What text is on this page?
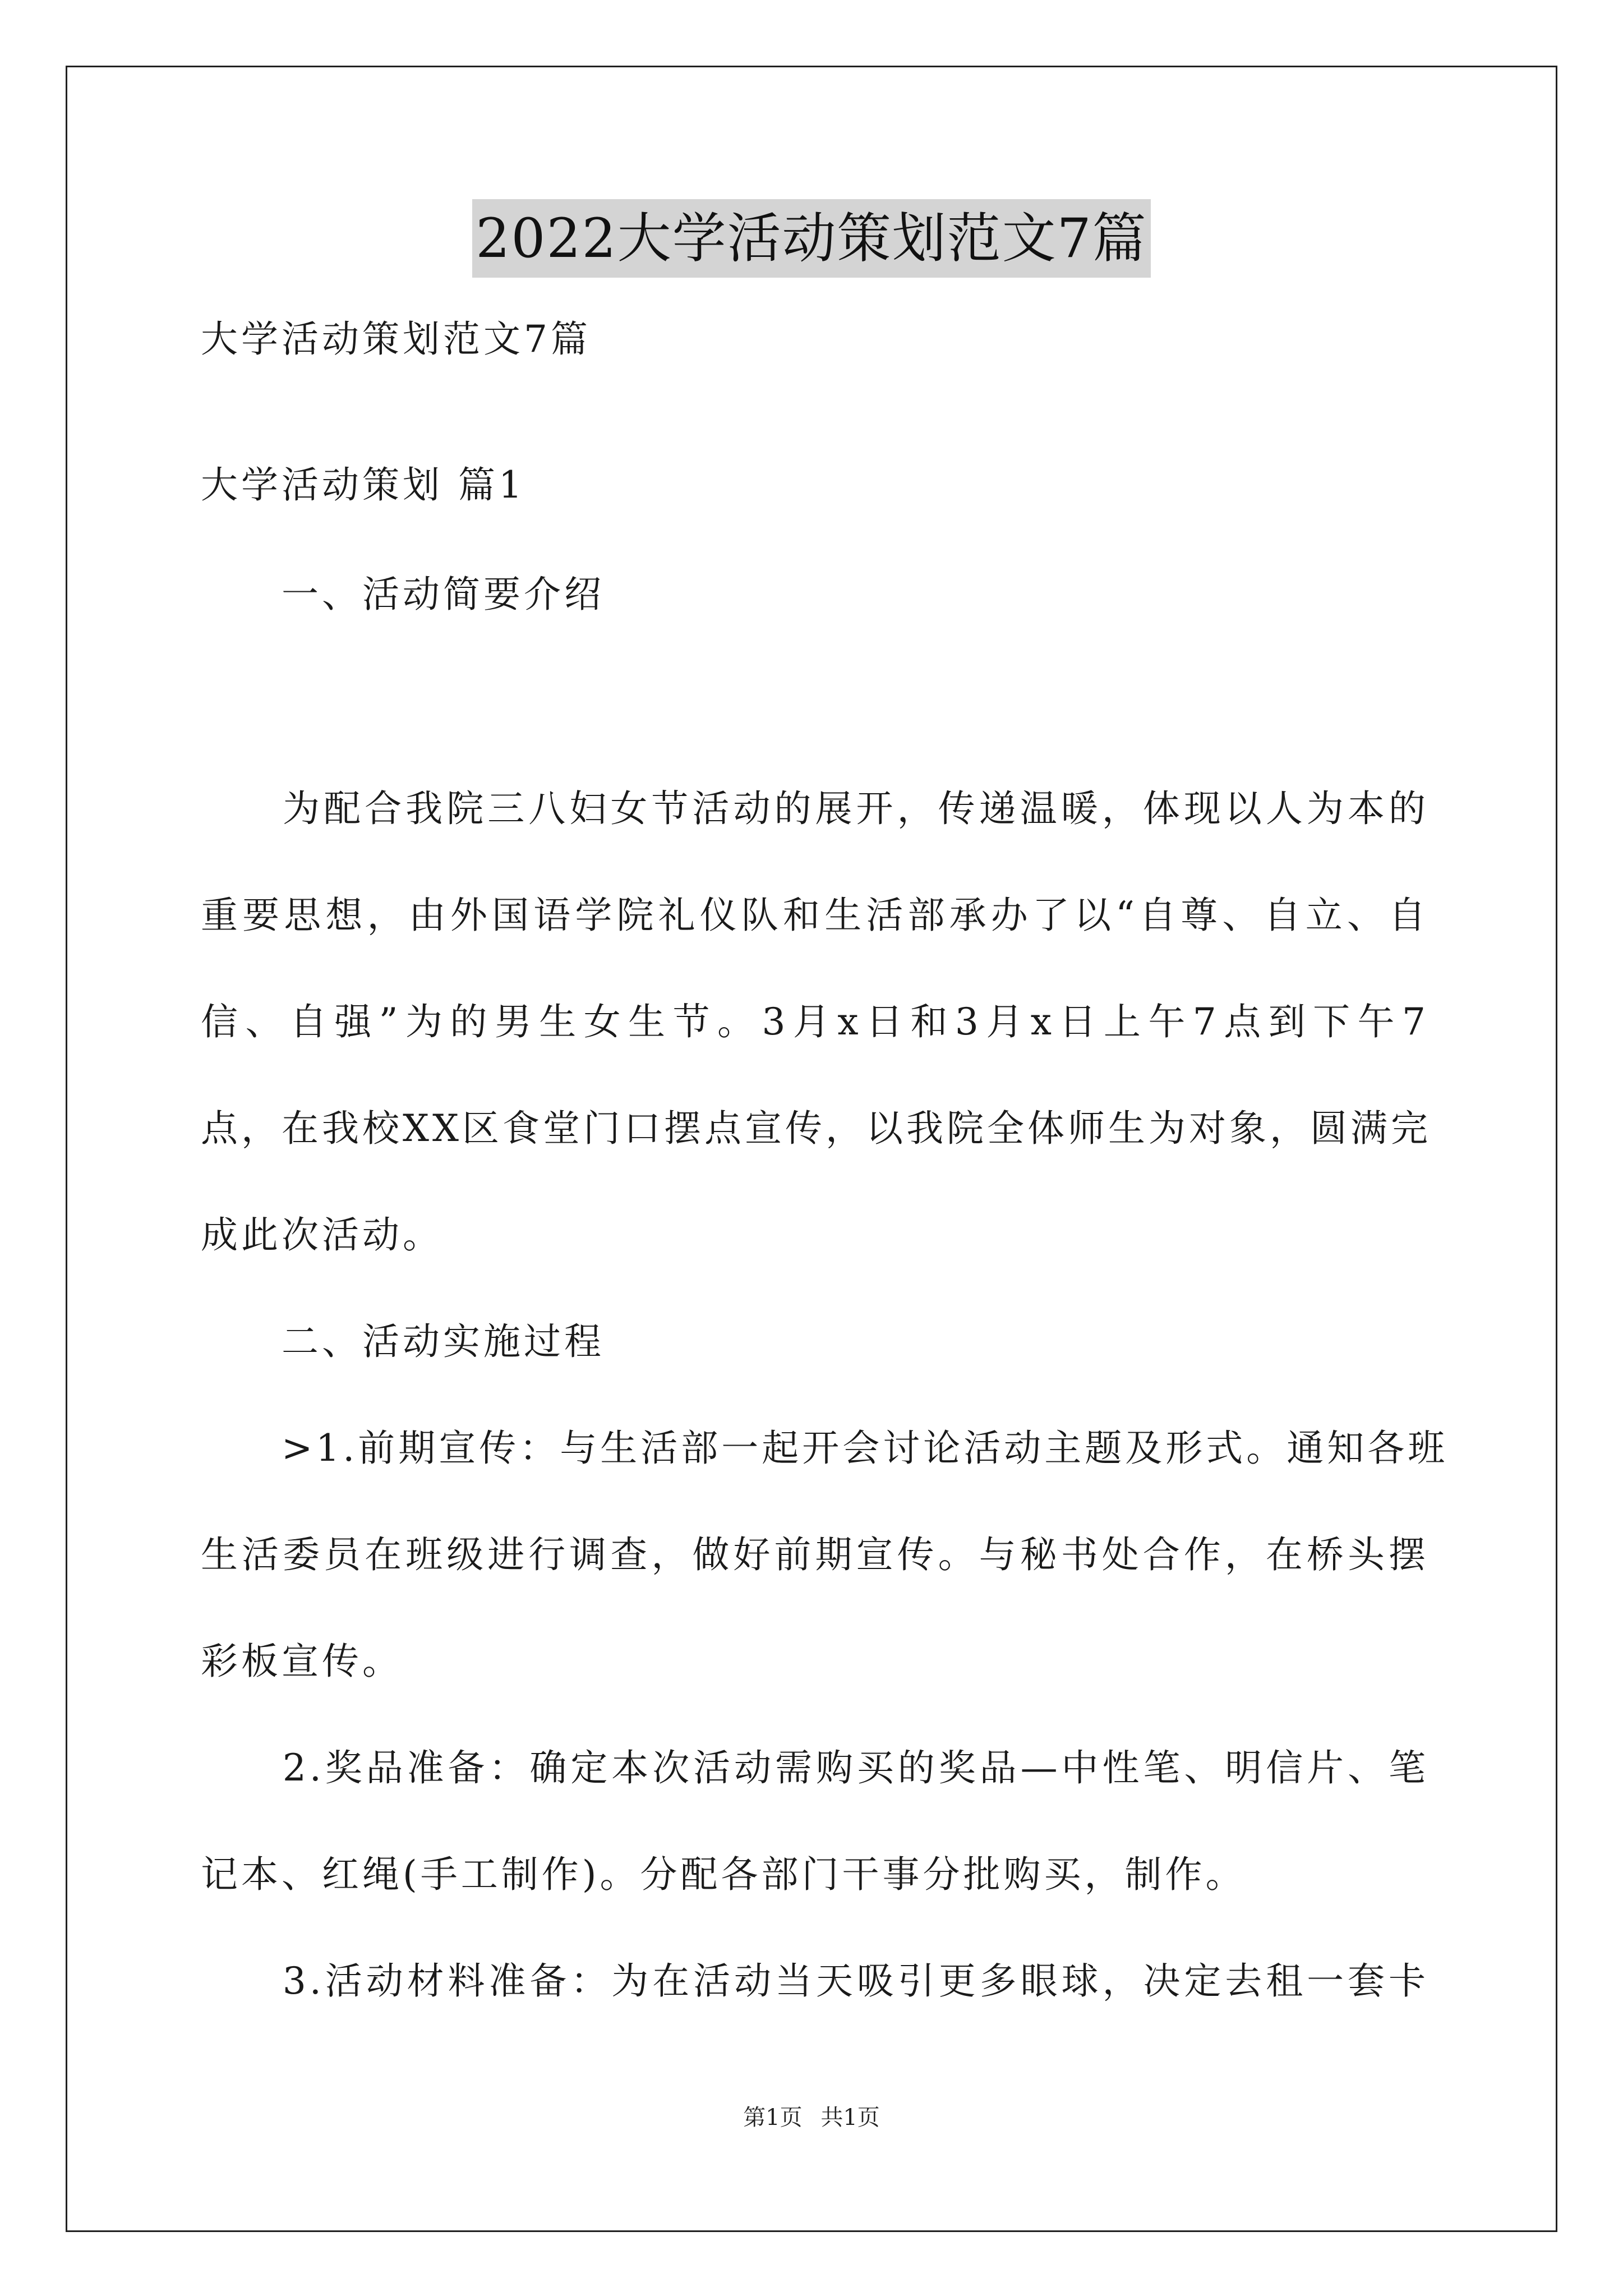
2022大学活动策划范文7篇
大学活动策划范文7篇
大学活动策划 篇1
　　一、活动简要介绍
　　为配合我院三八妇女节活动的展开，传递温暖，体现以人为本的
重要思想，由外国语学院礼仪队和生活部承办了以“自尊、自立、自
信、自强”为的男生女生节。3月x日和3月x日上午7点到下午7
点，在我校XX区食堂门口摆点宣传，以我院全体师生为对象，圆满完
成此次活动。
　　二、活动实施过程
　　>1.前期宣传：与生活部一起开会讨论活动主题及形式。通知各班
生活委员在班级进行调查，做好前期宣传。与秘书处合作，在桥头摆
彩板宣传。
　　2.奖品准备：确定本次活动需购买的奖品—中性笔、明信片、笔
记本、红绳(手工制作)。分配各部门干事分批购买，制作。
　　3.活动材料准备：为在活动当天吸引更多眼球，决定去租一套卡
第1页 共1页
